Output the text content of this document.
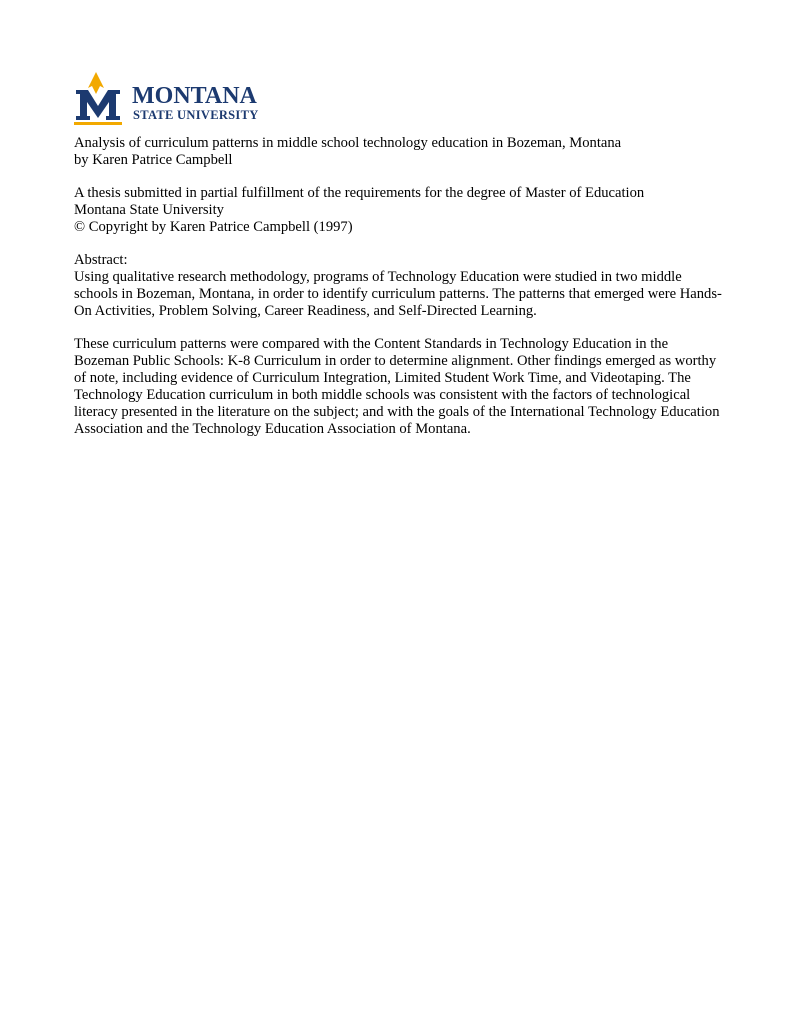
MONTANA
STATE UNIVERSITY

Analysis of curriculum patterns in middle school technology education in Bozeman, Montana

by Karen Patrice Campbell

A thesis submitted in partial fulfillment of the requirements for the degree of Master of Education

Montana State University

© Copyright by Karen Patrice Campbell (1997)

Abstract:

Using qualitative research methodology, programs of Technology Education were studied in two middle schools in Bozeman, Montana, in order to identify curriculum patterns. The patterns that emerged were Hands-On Activities, Problem Solving, Career Readiness, and Self-Directed Learning.

These curriculum patterns were compared with the Content Standards in Technology Education in the Bozeman Public Schools: K-8 Curriculum in order to determine alignment. Other findings emerged as worthy of note, including evidence of Curriculum Integration, Limited Student Work Time, and Videotaping. The Technology Education curriculum in both middle schools was consistent with the factors of technological literacy presented in the literature on the subject; and with the goals of the International Technology Education Association and the Technology Education Association of Montana.
